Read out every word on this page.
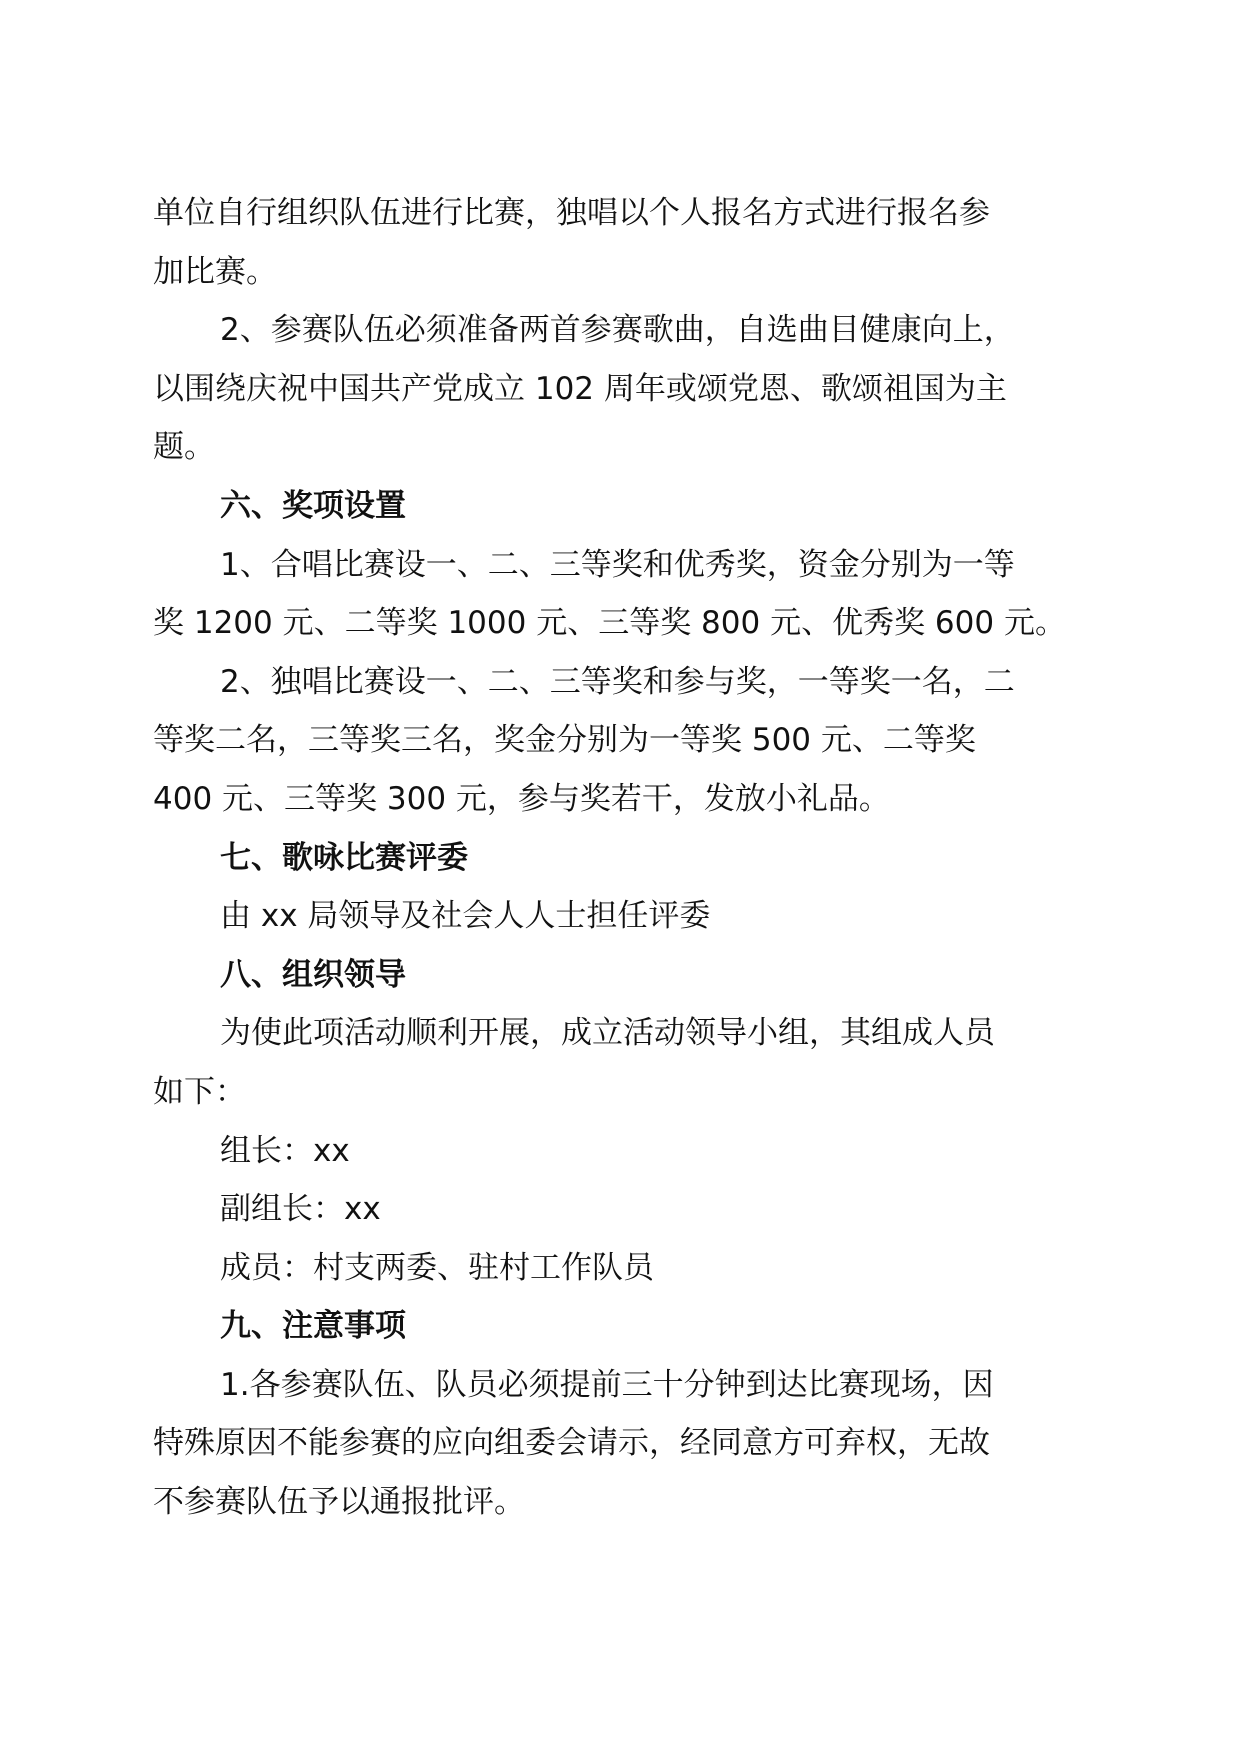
单位自行组织队伍进行比赛，独唱以个人报名方式进行报名参
加比赛。
2、参赛队伍必须准备两首参赛歌曲，自选曲目健康向上，
以围绕庆祝中国共产党成立 102 周年或颂党恩、歌颂祖国为主
题。
六、奖项设置
1、合唱比赛设一、二、三等奖和优秀奖，资金分别为一等
奖 1200 元、二等奖 1000 元、三等奖 800 元、优秀奖 600 元。
2、独唱比赛设一、二、三等奖和参与奖，一等奖一名，二
等奖二名，三等奖三名，奖金分别为一等奖 500 元、二等奖
400 元、三等奖 300 元，参与奖若干，发放小礼品。
七、歌咏比赛评委
由 xx 局领导及社会人人士担任评委
八、组织领导
为使此项活动顺利开展，成立活动领导小组，其组成人员
如下：
组长：xx
副组长：xx
成员：村支两委、驻村工作队员
九、注意事项
1.各参赛队伍、队员必须提前三十分钟到达比赛现场，因
特殊原因不能参赛的应向组委会请示，经同意方可弃权，无故
不参赛队伍予以通报批评。
